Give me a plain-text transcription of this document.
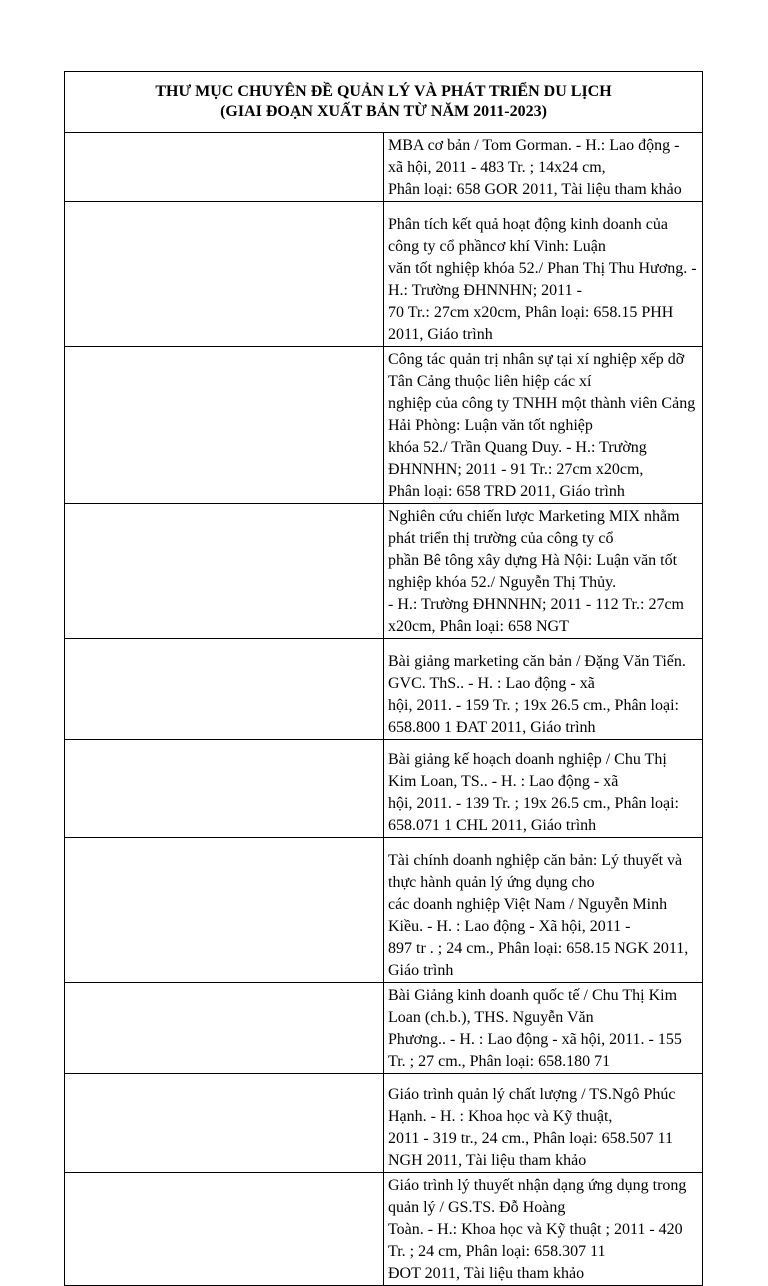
THƯ MỤC CHUYÊN ĐỀ QUẢN LÝ VÀ PHÁT TRIỂN DU LỊCH
(GIAI ĐOẠN XUẤT BẢN TỪ NĂM 2011-2023)	

	MBA cơ bản / Tom Gorman. - H.: Lao động - xã hội, 2011 - 483 Tr. ; 14x24 cm,
Phân loại: 658 GOR 2011, Tài liệu tham khảo

	Phân tích kết quả hoạt động kinh doanh của công ty cổ phầncơ khí Vinh: Luận
văn tốt nghiệp khóa 52./ Phan Thị Thu Hương. - H.: Trường ĐHNNHN; 2011 -
70 Tr.: 27cm x20cm, Phân loại: 658.15 PHH 2011, Giáo trình

	Công tác quản trị nhân sự tại xí nghiệp xếp dỡ Tân Cảng thuộc liên hiệp các xí
nghiệp của công ty TNHH một thành viên Cảng Hải Phòng: Luận văn tốt nghiệp
khóa 52./ Trần Quang Duy. - H.: Trường ĐHNNHN; 2011 - 91 Tr.: 27cm x20cm,
Phân loại: 658 TRD 2011, Giáo trình

	Nghiên cứu chiến lược Marketing MIX nhằm phát triển thị trường của công ty cổ
phần Bê tông xây dựng Hà Nội: Luận văn tốt nghiệp khóa 52./ Nguyễn Thị Thủy.
- H.: Trường ĐHNNHN; 2011 - 112 Tr.: 27cm x20cm, Phân loại: 658 NGT

	Bài giảng marketing căn bản / Đặng Văn Tiến. GVC. ThS.. - H. : Lao động - xã
hội, 2011. - 159 Tr. ; 19x 26.5 cm., Phân loại: 658.800 1 ĐAT 2011, Giáo trình

	Bài giảng kế hoạch doanh nghiệp / Chu Thị Kim Loan, TS.. - H. : Lao động - xã
hội, 2011. - 139 Tr. ; 19x 26.5 cm., Phân loại: 658.071 1 CHL 2011, Giáo trình

	Tài chính doanh nghiệp căn bản: Lý thuyết và thực hành quản lý ứng dụng cho
các doanh nghiệp Việt Nam / Nguyễn Minh Kiều. - H. : Lao động - Xã hội, 2011 -
897 tr . ; 24 cm., Phân loại: 658.15 NGK 2011, Giáo trình

	Bài Giảng kinh doanh quốc tế / Chu Thị Kim Loan (ch.b.), THS. Nguyễn Văn
Phương.. - H. : Lao động - xã hội, 2011. - 155 Tr. ; 27 cm., Phân loại: 658.180 71

	Giáo trình quản lý chất lượng / TS.Ngô Phúc Hạnh. - H. : Khoa học và Kỹ thuật,
2011 - 319 tr., 24 cm., Phân loại: 658.507 11 NGH 2011, Tài liệu tham khảo

	Giáo trình lý thuyết nhận dạng ứng dụng trong quản lý / GS.TS. Đỗ Hoàng
Toàn. - H.: Khoa học và Kỹ thuật ; 2011 - 420 Tr. ; 24 cm, Phân loại: 658.307 11
ĐOT 2011, Tài liệu tham khảo
